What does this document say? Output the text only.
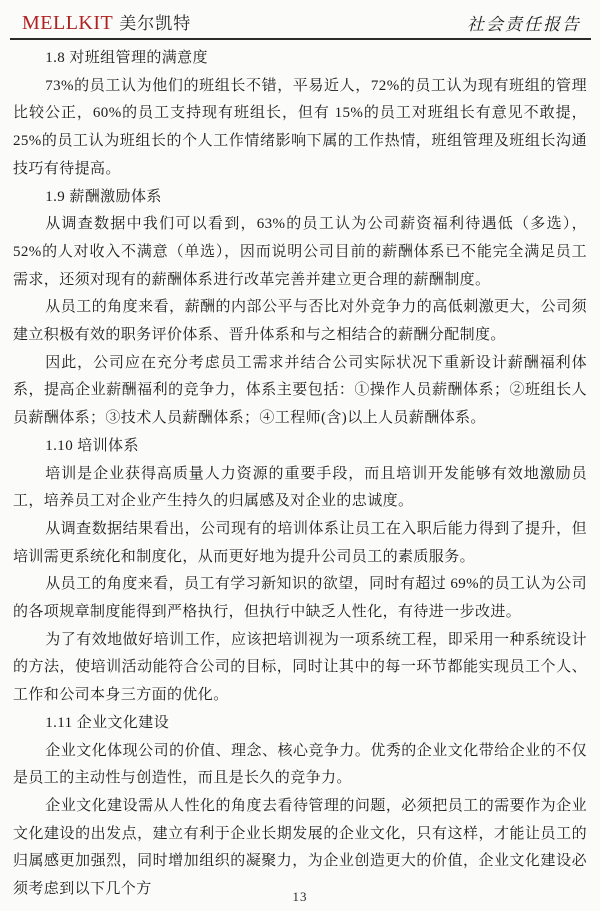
MELLKIT 美尔凯特	社会责任报告

1.8 对班组管理的满意度

73%的员工认为他们的班组长不错，平易近人，72%的员工认为现有班组的管理比较公正，60%的员工支持现有班组长，但有 15%的员工对班组长有意见不敢提，25%的员工认为班组长的个人工作情绪影响下属的工作热情，班组管理及班组长沟通技巧有待提高。

1.9 薪酬激励体系

从调查数据中我们可以看到，63%的员工认为公司薪资福利待遇低（多选），52%的人对收入不满意（单选），因而说明公司目前的薪酬体系已不能完全满足员工需求，还须对现有的薪酬体系进行改革完善并建立更合理的薪酬制度。

从员工的角度来看，薪酬的内部公平与否比对外竞争力的高低刺激更大，公司须建立积极有效的职务评价体系、晋升体系和与之相结合的薪酬分配制度。

因此，公司应在充分考虑员工需求并结合公司实际状况下重新设计薪酬福利体系，提高企业薪酬福利的竞争力，体系主要包括：①操作人员薪酬体系；②班组长人员薪酬体系；③技术人员薪酬体系；④工程师(含)以上人员薪酬体系。

1.10 培训体系

培训是企业获得高质量人力资源的重要手段，而且培训开发能够有效地激励员工，培养员工对企业产生持久的归属感及对企业的忠诚度。

从调查数据结果看出，公司现有的培训体系让员工在入职后能力得到了提升，但培训需更系统化和制度化，从而更好地为提升公司员工的素质服务。

从员工的角度来看，员工有学习新知识的欲望，同时有超过 69%的员工认为公司的各项规章制度能得到严格执行，但执行中缺乏人性化，有待进一步改进。

为了有效地做好培训工作，应该把培训视为一项系统工程，即采用一种系统设计的方法，使培训活动能符合公司的目标，同时让其中的每一环节都能实现员工个人、工作和公司本身三方面的优化。

1.11 企业文化建设

企业文化体现公司的价值、理念、核心竞争力。优秀的企业文化带给企业的不仅是员工的主动性与创造性，而且是长久的竞争力。

企业文化建设需从人性化的角度去看待管理的问题，必须把员工的需要作为企业文化建设的出发点，建立有利于企业长期发展的企业文化，只有这样，才能让员工的归属感更加强烈，同时增加组织的凝聚力，为企业创造更大的价值，企业文化建设必须考虑到以下几个方	13
